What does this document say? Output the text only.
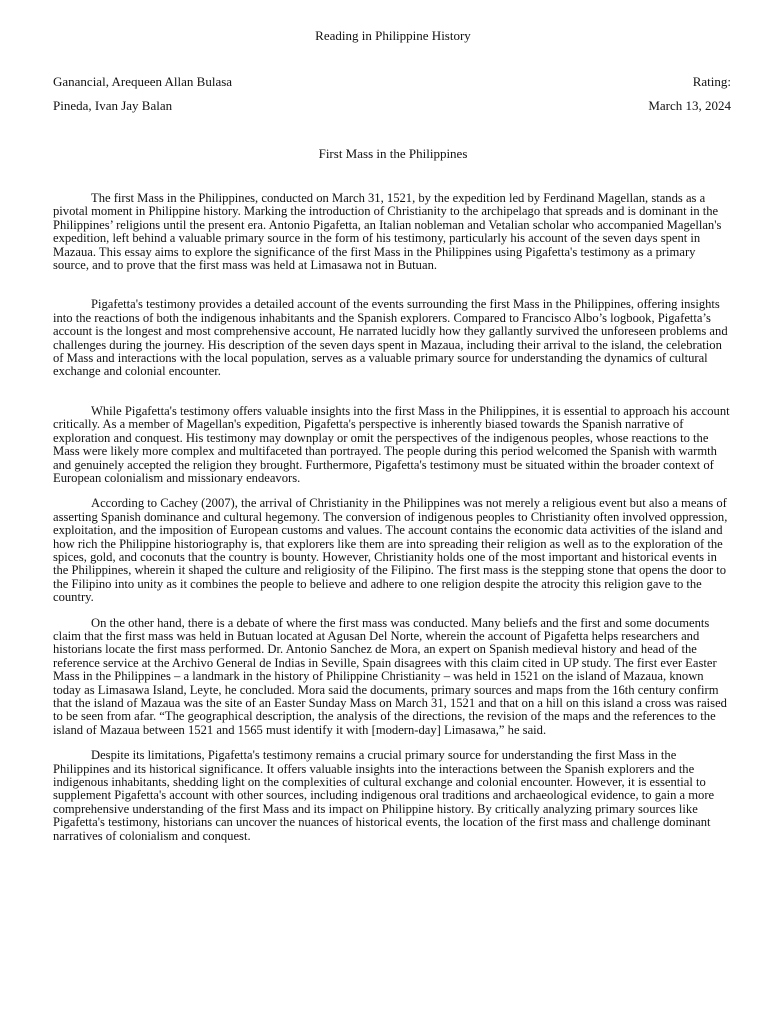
Reading in Philippine History
Ganancial, Arequeen Allan Bulasa	Rating:
Pineda, Ivan Jay Balan	March 13, 2024
First Mass in the Philippines

The first Mass in the Philippines, conducted on March 31, 1521, by the expedition led by Ferdinand Magellan, stands as a pivotal moment in Philippine history. Marking the introduction of Christianity to the archipelago that spreads and is dominant in the Philippines’ religions until the present era. Antonio Pigafetta, an Italian nobleman and Vetalian scholar who accompanied Magellan's expedition, left behind a valuable primary source in the form of his testimony, particularly his account of the seven days spent in Mazaua. This essay aims to explore the significance of the first Mass in the Philippines using Pigafetta's testimony as a primary source, and to prove that the first mass was held at Limasawa not in Butuan.

Pigafetta's testimony provides a detailed account of the events surrounding the first Mass in the Philippines, offering insights into the reactions of both the indigenous inhabitants and the Spanish explorers. Compared to Francisco Albo’s logbook, Pigafetta’s account is the longest and most comprehensive account, He narrated lucidly how they gallantly survived the unforeseen problems and challenges during the journey. His description of the seven days spent in Mazaua, including their arrival to the island, the celebration of Mass and interactions with the local population, serves as a valuable primary source for understanding the dynamics of cultural exchange and colonial encounter.

While Pigafetta's testimony offers valuable insights into the first Mass in the Philippines, it is essential to approach his account critically. As a member of Magellan's expedition, Pigafetta's perspective is inherently biased towards the Spanish narrative of exploration and conquest. His testimony may downplay or omit the perspectives of the indigenous peoples, whose reactions to the Mass were likely more complex and multifaceted than portrayed. The people during this period welcomed the Spanish with warmth and genuinely accepted the religion they brought. Furthermore, Pigafetta's testimony must be situated within the broader context of European colonialism and missionary endeavors.

According to Cachey (2007), the arrival of Christianity in the Philippines was not merely a religious event but also a means of asserting Spanish dominance and cultural hegemony. The conversion of indigenous peoples to Christianity often involved oppression, exploitation, and the imposition of European customs and values. The account contains the economic data activities of the island and how rich the Philippine historiography is, that explorers like them are into spreading their religion as well as to the exploration of the spices, gold, and coconuts that the country is bounty. However, Christianity holds one of the most important and historical events in the Philippines, wherein it shaped the culture and religiosity of the Filipino. The first mass is the stepping stone that opens the door to the Filipino into unity as it combines the people to believe and adhere to one religion despite the atrocity this religion gave to the country.

On the other hand, there is a debate of where the first mass was conducted. Many beliefs and the first and some documents claim that the first mass was held in Butuan located at Agusan Del Norte, wherein the account of Pigafetta helps researchers and historians locate the first mass performed. Dr. Antonio Sanchez de Mora, an expert on Spanish medieval history and head of the reference service at the Archivo General de Indias in Seville, Spain disagrees with this claim cited in UP study. The first ever Easter Mass in the Philippines – a landmark in the history of Philippine Christianity – was held in 1521 on the island of Mazaua, known today as Limasawa Island, Leyte, he concluded. Mora said the documents, primary sources and maps from the 16th century confirm that the island of Mazaua was the site of an Easter Sunday Mass on March 31, 1521 and that on a hill on this island a cross was raised to be seen from afar. “The geographical description, the analysis of the directions, the revision of the maps and the references to the island of Mazaua between 1521 and 1565 must identify it with [modern-day] Limasawa,” he said.

Despite its limitations, Pigafetta's testimony remains a crucial primary source for understanding the first Mass in the Philippines and its historical significance. It offers valuable insights into the interactions between the Spanish explorers and the indigenous inhabitants, shedding light on the complexities of cultural exchange and colonial encounter. However, it is essential to supplement Pigafetta's account with other sources, including indigenous oral traditions and archaeological evidence, to gain a more comprehensive understanding of the first Mass and its impact on Philippine history. By critically analyzing primary sources like Pigafetta's testimony, historians can uncover the nuances of historical events, the location of the first mass and challenge dominant narratives of colonialism and conquest.
